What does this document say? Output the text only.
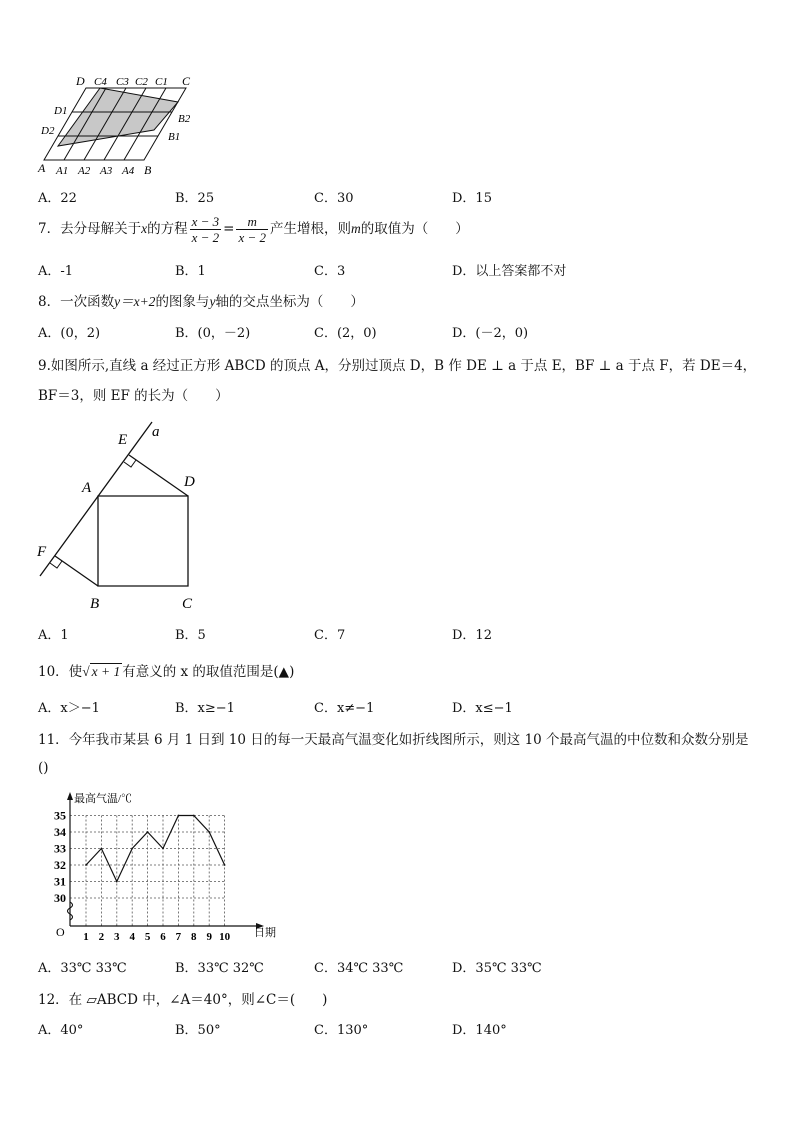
D C4 C3 C2 C1 C
D1
D2
A
B2
B1
A1 A2 A3 A4 B
A．22	B．25	C．30	D．15
7．去分母解关于x的方程 $\frac{x - 3}{x - 2} = \frac{m}{x - 2}$ 产生增根，则m的取值为（　　）
A．-1	B．1	C．3	D．以上答案都不对
8．一次函数y＝x+2的图象与y轴的交点坐标为（　　）
A．(0，2)	B．(0，－2)	C．(2，0)	D．(－2，0)
9.如图所示,直线 a 经过正方形 ABCD 的顶点 A，分别过顶点 D，B 作 DE ⊥ a 于点 E，BF ⊥ a 于点 F，若 DE＝4，
BF＝3，则 EF 的长为（　　）
E a
A	D
F
B	C
A．1	B．5	C．7	D．12
10．使√ x + 1 有意义的 x 的取值范围是(▲)
A．x＞−1	B．x≥−1	C．x≠−1	D．x≤−1
11．今年我市某县 6 月 1 日到 10 日的每一天最高气温变化如折线图所示，则这 10 个最高气温的中位数和众数分别是
()
30
31
32
33
34
35
1 2 3 4 5 6 7 8 9 10
O
最高气温/℃
日期
A．33℃ 33℃	B．33℃ 32℃	C．34℃ 33℃	D．35℃ 33℃
12．在 ▱ABCD 中，∠A＝40°，则∠C＝(　　)
A．40°	B．50°	C．130°	D．140°
